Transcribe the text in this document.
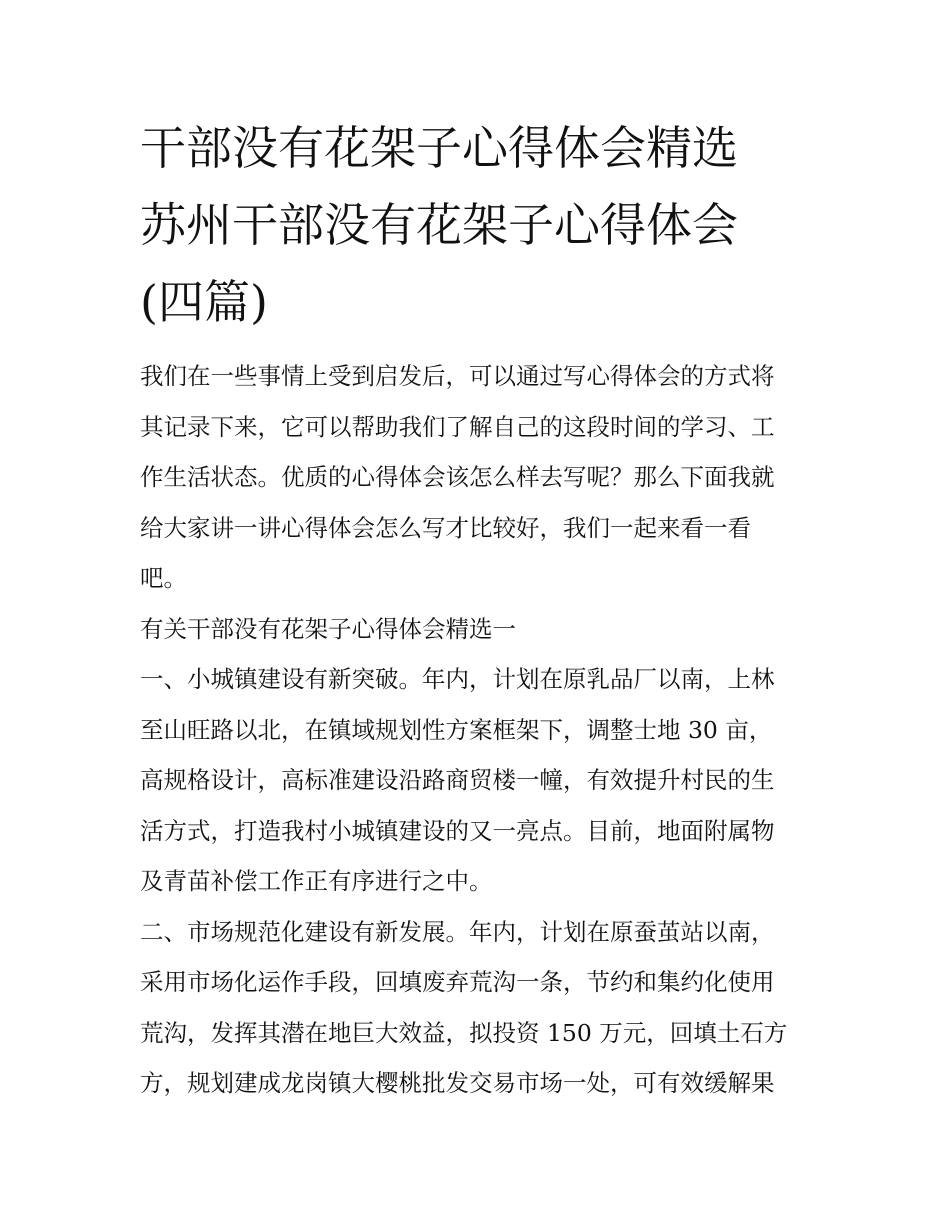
干部没有花架子心得体会精选
苏州干部没有花架子心得体会
(四篇)

我们在一些事情上受到启发后，可以通过写心得体会的方式将
其记录下来，它可以帮助我们了解自己的这段时间的学习、工
作生活状态。优质的心得体会该怎么样去写呢？那么下面我就
给大家讲一讲心得体会怎么写才比较好，我们一起来看一看
吧。

有关干部没有花架子心得体会精选一

一、小城镇建设有新突破。年内，计划在原乳品厂以南，上林
至山旺路以北，在镇域规划性方案框架下，调整士地 30 亩，
高规格设计，高标准建设沿路商贸楼一幢，有效提升村民的生
活方式，打造我村小城镇建设的又一亮点。目前，地面附属物
及青苗补偿工作正有序进行之中。

二、市场规范化建设有新发展。年内，计划在原蚕茧站以南，
采用市场化运作手段，回填废弃荒沟一条，节约和集约化使用
荒沟，发挥其潜在地巨大效益，拟投资 150 万元，回填土石方
方，规划建成龙岗镇大樱桃批发交易市场一处，可有效缓解果
